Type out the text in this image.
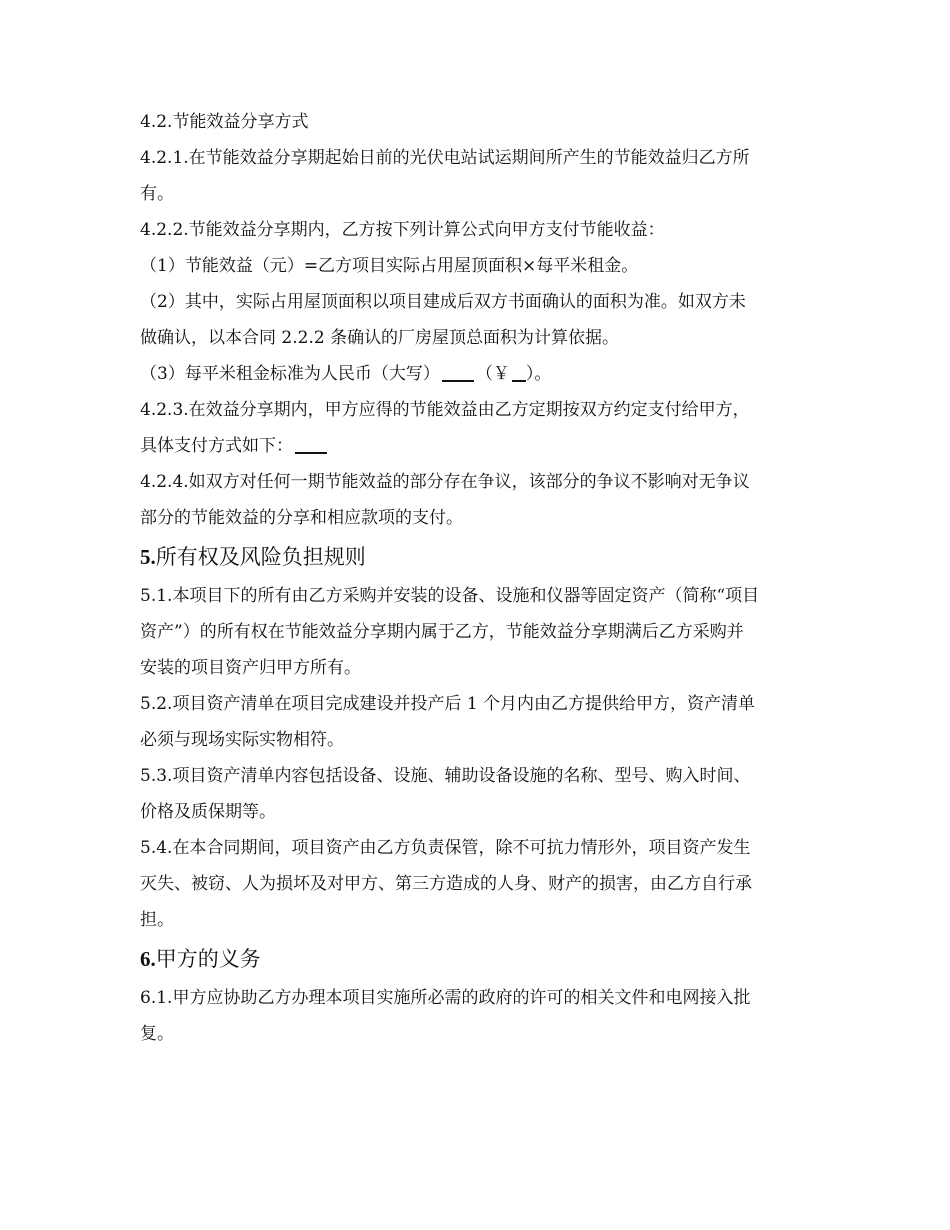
4.2.节能效益分享方式
4.2.1.在节能效益分享期起始日前的光伏电站试运期间所产生的节能效益归乙方所
有。
4.2.2.节能效益分享期内，乙方按下列计算公式向甲方支付节能收益：
（1）节能效益（元）=乙方项目实际占用屋顶面积×每平米租金。
（2）其中，实际占用屋顶面积以项目建成后双方书面确认的面积为准。如双方未
做确认，以本合同 2.2.2 条确认的厂房屋顶总面积为计算依据。
（3）每平米租金标准为人民币（大写） （￥ ）。
4.2.3.在效益分享期内，甲方应得的节能效益由乙方定期按双方约定支付给甲方，
具体支付方式如下：
4.2.4.如双方对任何一期节能效益的部分存在争议，该部分的争议不影响对无争议
部分的节能效益的分享和相应款项的支付。
5.所有权及风险负担规则
5.1.本项目下的所有由乙方采购并安装的设备、设施和仪器等固定资产（简称“项目
资产”）的所有权在节能效益分享期内属于乙方，节能效益分享期满后乙方采购并
安装的项目资产归甲方所有。
5.2.项目资产清单在项目完成建设并投产后 1 个月内由乙方提供给甲方，资产清单
必须与现场实际实物相符。
5.3.项目资产清单内容包括设备、设施、辅助设备设施的名称、型号、购入时间、
价格及质保期等。
5.4.在本合同期间，项目资产由乙方负责保管，除不可抗力情形外，项目资产发生
灭失、被窃、人为损坏及对甲方、第三方造成的人身、财产的损害，由乙方自行承
担。
6.甲方的义务
6.1.甲方应协助乙方办理本项目实施所必需的政府的许可的相关文件和电网接入批
复。
